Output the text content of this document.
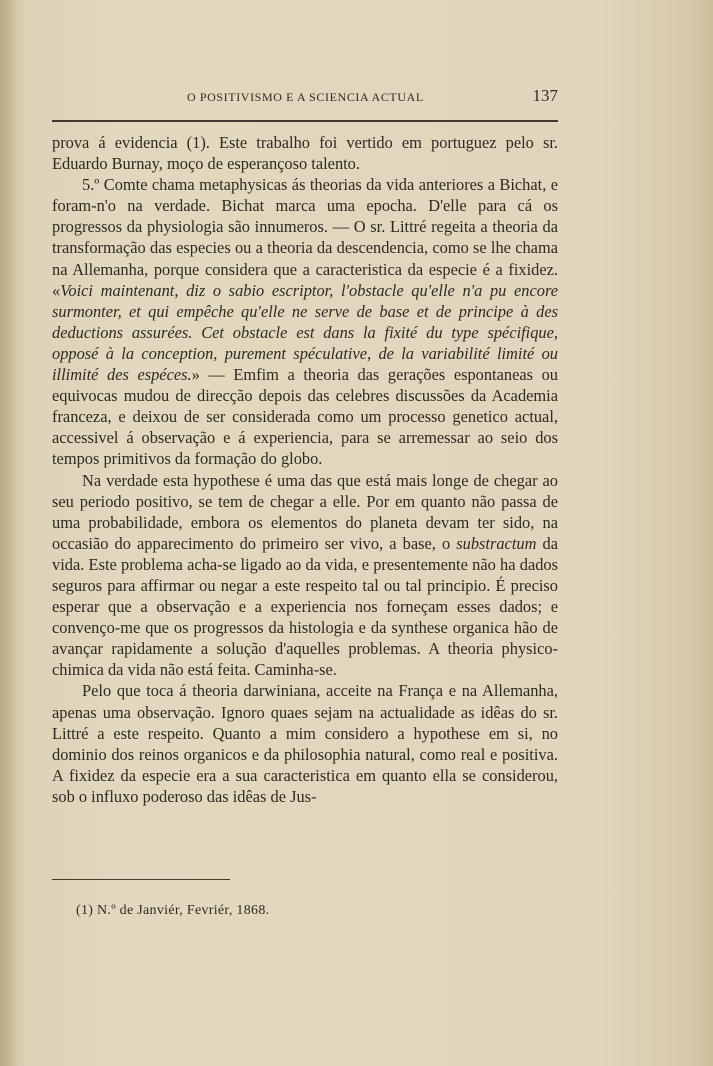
O POSITIVISMO E A SCIENCIA ACTUAL	137

prova á evidencia (1). Este trabalho foi vertido em portuguez pelo sr. Eduardo Burnay, moço de esperançoso talento.

5.º Comte chama metaphysicas ás theorias da vida anteriores a Bichat, e foram-n'o na verdade. Bichat marca uma epocha. D'elle para cá os progressos da physiologia são innumeros. — O sr. Littré regeita a theoria da transformação das especies ou a theoria da descendencia, como se lhe chama na Allemanha, porque considera que a caracteristica da especie é a fixidez. «Voici maintenant, diz o sabio escriptor, l'obstacle qu'elle n'a pu encore surmonter, et qui empêche qu'elle ne serve de base et de principe à des deductions assurées. Cet obstacle est dans la fixité du type spécifique, opposé à la conception, purement spéculative, de la variabilité limité ou illimité des espéces.» — Emfim a theoria das gerações espontaneas ou equivocas mudou de direcção depois das celebres discussões da Academia franceza, e deixou de ser considerada como um processo genetico actual, accessivel á observação e á experiencia, para se arremessar ao seio dos tempos primitivos da formação do globo.

Na verdade esta hypothese é uma das que está mais longe de chegar ao seu periodo positivo, se tem de chegar a elle. Por em quanto não passa de uma probabilidade, embora os elementos do planeta devam ter sido, na occasião do apparecimento do primeiro ser vivo, a base, o substractum da vida. Este problema acha-se ligado ao da vida, e presentemente não ha dados seguros para affirmar ou negar a este respeito tal ou tal principio. É preciso esperar que a observação e a experiencia nos forneçam esses dados; e convenço-me que os progressos da histologia e da synthese organica hão de avançar rapidamente a solução d'aquelles problemas. A theoria physico-chimica da vida não está feita. Caminha-se.

Pelo que toca á theoria darwiniana, acceite na França e na Allemanha, apenas uma observação. Ignoro quaes sejam na actualidade as idêas do sr. Littré a este respeito. Quanto a mim considero a hypothese em si, no dominio dos reinos organicos e da philosophia natural, como real e positiva. A fixidez da especie era a sua caracteristica em quanto ella se considerou, sob o influxo poderoso das idêas de Jus-

(1) N.º de Janviér, Fevriér, 1868.
